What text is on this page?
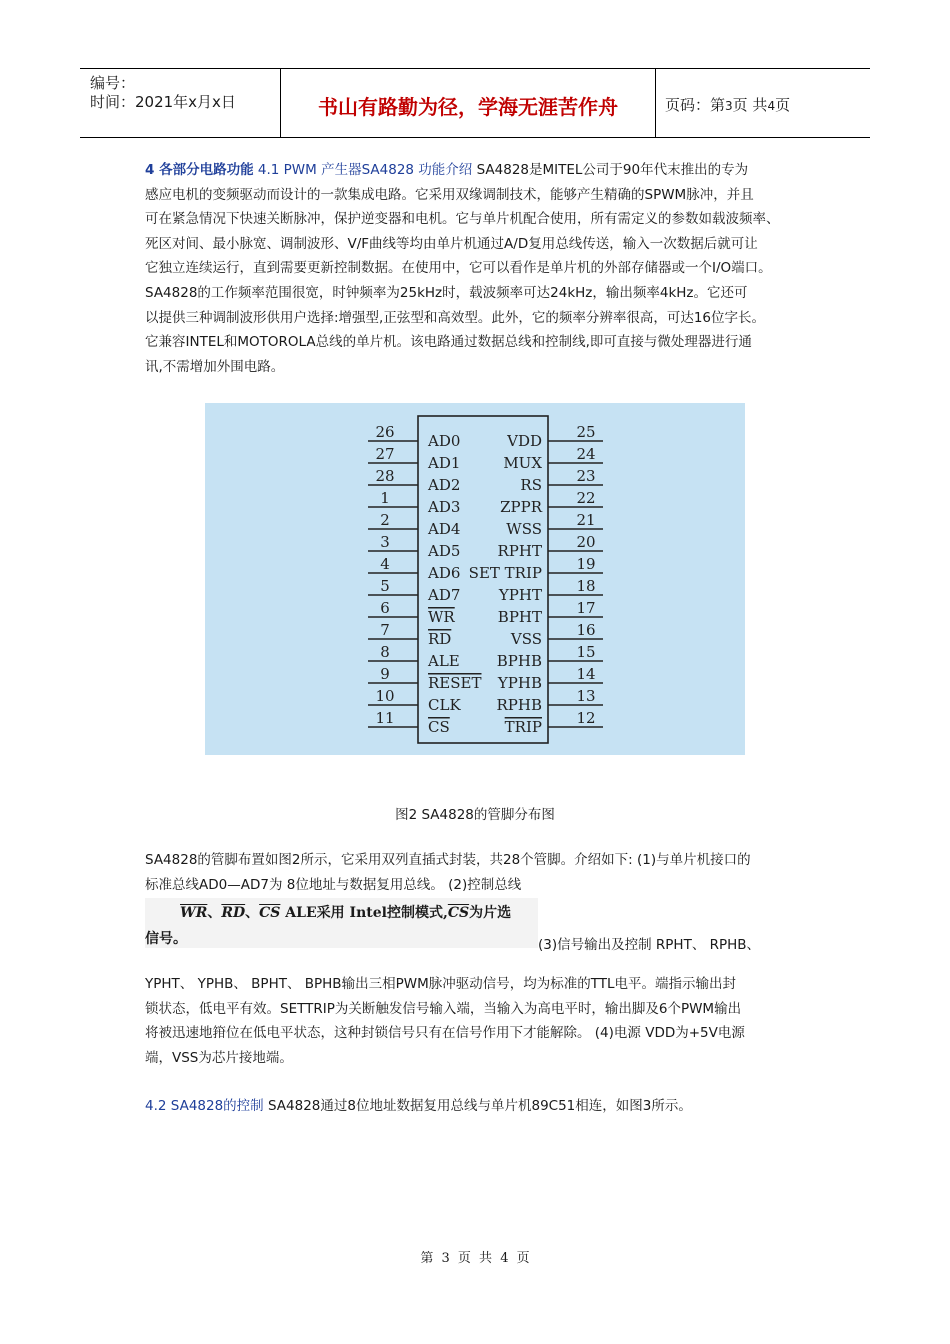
编号：
时间：2021年x月x日	书山有路勤为径，学海无涯苦作舟	页码：第3页 共4页
4 各部分电路功能 4.1 PWM 产生器SA4828 功能介绍 SA4828是MITEL公司于90年代末推出的专为
感应电机的变频驱动而设计的一款集成电路。它采用双缘调制技术，能够产生精确的SPWM脉冲，并且
可在紧急情况下快速关断脉冲，保护逆变器和电机。它与单片机配合使用，所有需定义的参数如载波频率、
死区对间、最小脉宽、调制波形、V/F曲线等均由单片机通过A/D复用总线传送，输入一次数据后就可让
它独立连续运行，直到需要更新控制数据。在使用中，它可以看作是单片机的外部存储器或一个I/O端口。
SA4828的工作频率范围很宽，时钟频率为25kHz时，载波频率可达24kHz，输出频率4kHz。它还可
以提供三种调制波形供用户选择:增强型,正弦型和高效型。此外，它的频率分辨率很高，可达16位字长。
它兼容INTEL和MOTOROLA总线的单片机。该电路通过数据总线和控制线,即可直接与微处理器进行通
讯,不需增加外围电路。
26 AD0
27 AD1
28 AD2
1	AD3
2	AD4
3	AD5
4	AD6
5	AD7
6	WR
7	RD
8	ALE
9	RESET
10 CLK
11 CS
25
VDD
24
MUX
23
RS
22
ZPPR
21
WSS
20
RPHT
19
SET TRIP
18
YPHT
17
BPHT
16
VSS
15
BPHB
14
YPHB
13
RPHB
12
TRIP
图2 SA4828的管脚分布图
SA4828的管脚布置如图2所示，它采用双列直插式封装，共28个管脚。介绍如下: (1)与单片机接口的
标准总线AD0—AD7为 8位地址与数据复用总线。 (2)控制总线
$\overline{WR}$、$\overline{RD}$、$\overline{CS}$ ALE采用 Intel控制模式$,\overline{CS}$为片选
信号。	(3)信号输出及控制 RPHT、 RPHB、
YPHT、 YPHB、 BPHT、 BPHB输出三相PWM脉冲驱动信号，均为标准的TTL电平。端指示输出封
锁状态，低电平有效。SETTRIP为关断触发信号输入端，当输入为高电平时，输出脚及6个PWM输出
将被迅速地箝位在低电平状态，这种封锁信号只有在信号作用下才能解除。 (4)电源 VDD为+5V电源
端，VSS为芯片接地端。
4.2 SA4828的控制 SA4828通过8位地址数据复用总线与单片机89C51相连，如图3所示。
第 3 页 共 4 页
